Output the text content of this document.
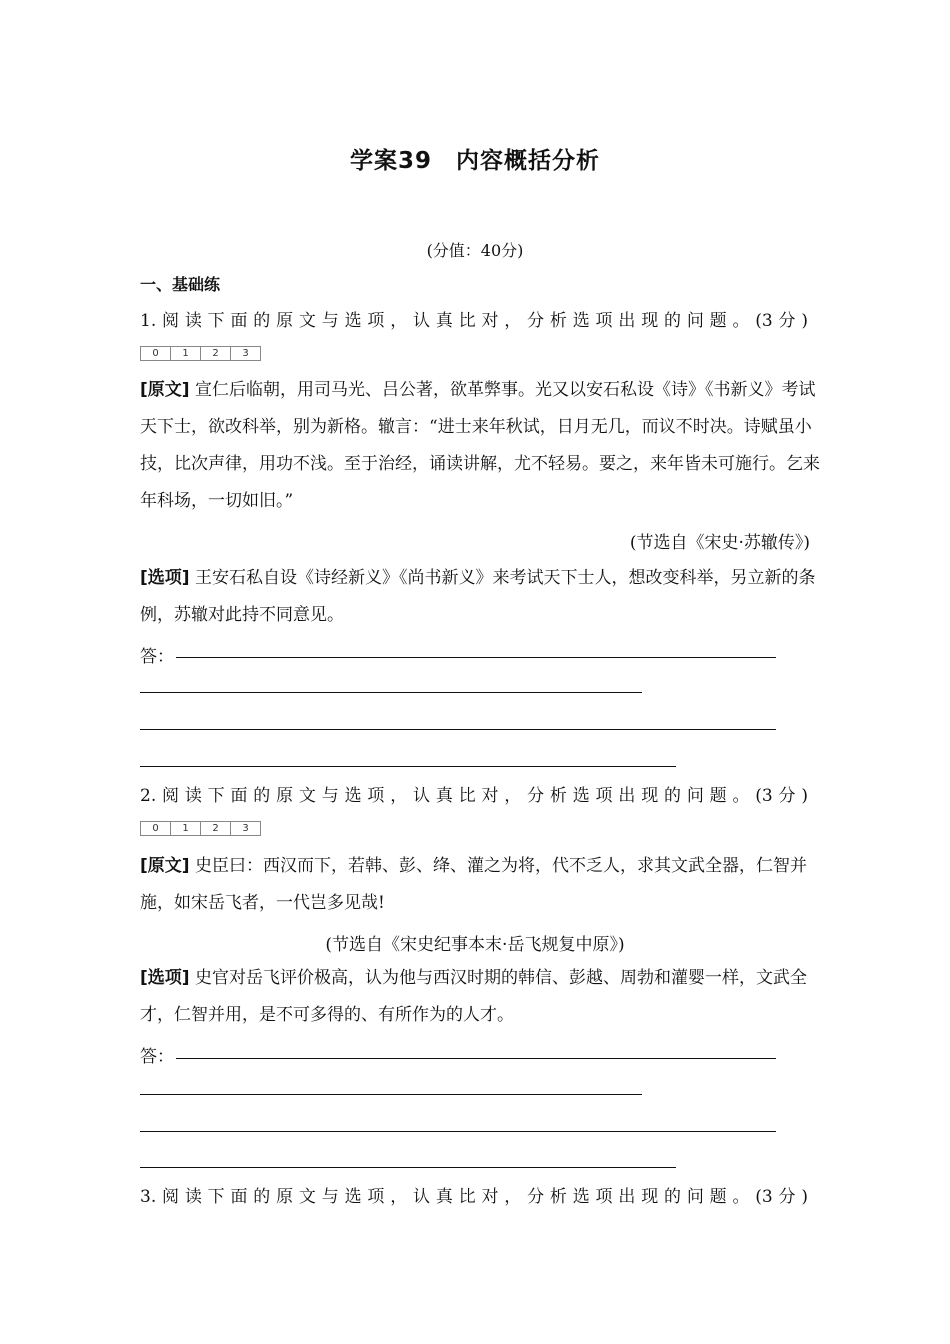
学案39　内容概括分析
(分值：40分)
一、基础练
1.阅读下面的原文与选项，认真比对，分析选项出现的问题。(3分)
0	1	2	3
[原文] 宣仁后临朝，用司马光、吕公著，欲革弊事。光又以安石私设《诗》《书新义》考试天下士，欲改科举，别为新格。辙言：“进士来年秋试，日月无几，而议不时决。诗赋虽小技，比次声律，用功不浅。至于治经，诵读讲解，尤不轻易。要之，来年皆未可施行。乞来年科场，一切如旧。”
(节选自《宋史·苏辙传》)
[选项] 王安石私自设《诗经新义》《尚书新义》来考试天下士人，想改变科举，另立新的条例，苏辙对此持不同意见。
答：
2.阅读下面的原文与选项，认真比对，分析选项出现的问题。(3分)
0	1	2	3
[原文] 史臣曰：西汉而下，若韩、彭、绛、灌之为将，代不乏人，求其文武全器，仁智并施，如宋岳飞者，一代岂多见哉!
(节选自《宋史纪事本末·岳飞规复中原》)
[选项] 史官对岳飞评价极高，认为他与西汉时期的韩信、彭越、周勃和灌婴一样，文武全才，仁智并用，是不可多得的、有所作为的人才。
答：
3.阅读下面的原文与选项，认真比对，分析选项出现的问题。(3分)
